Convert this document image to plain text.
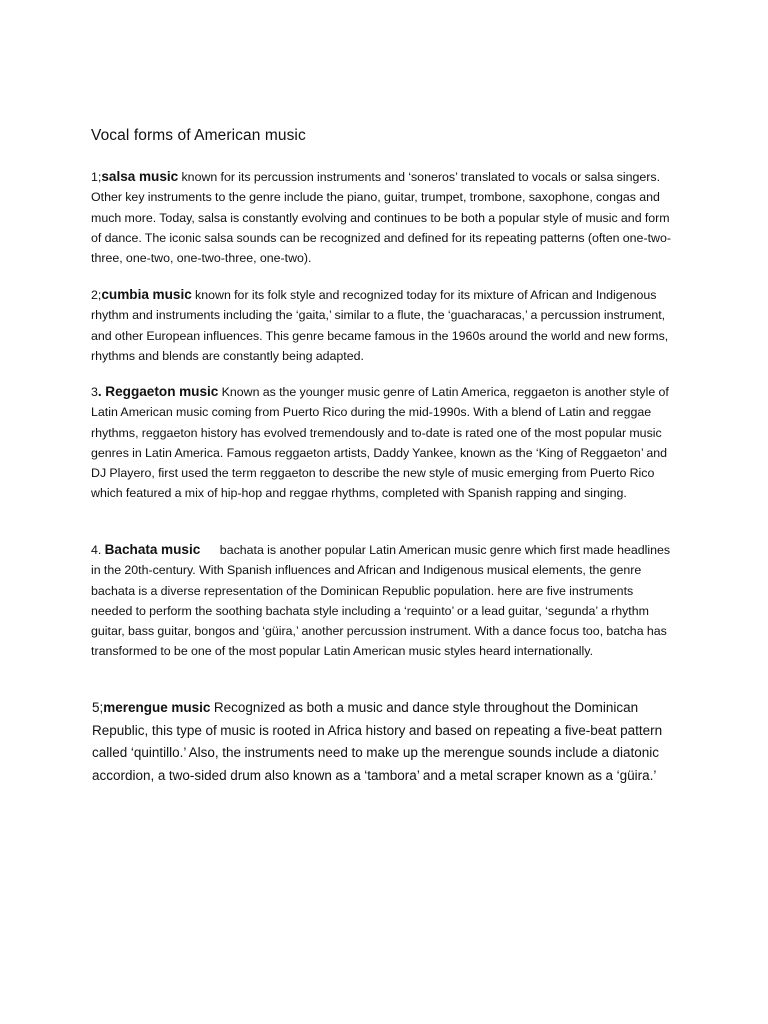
Vocal forms of American music

1;salsa music known for its percussion instruments and ‘soneros’ translated to vocals or salsa singers. Other key instruments to the genre include the piano, guitar, trumpet, trombone, saxophone, congas and much more. Today, salsa is constantly evolving and continues to be both a popular style of music and form of dance. The iconic salsa sounds can be recognized and defined for its repeating patterns (often one-two-three, one-two, one-two-three, one-two).

2;cumbia music known for its folk style and recognized today for its mixture of African and Indigenous rhythm and instruments including the ‘gaita,’ similar to a flute, the ‘guacharacas,’ a percussion instrument, and other European influences. This genre became famous in the 1960s around the world and new forms, rhythms and blends are constantly being adapted.

3. Reggaeton music Known as the younger music genre of Latin America, reggaeton is another style of Latin American music coming from Puerto Rico during the mid-1990s. With a blend of Latin and reggae rhythms, reggaeton history has evolved tremendously and to-date is rated one of the most popular music genres in Latin America. Famous reggaeton artists, Daddy Yankee, known as the ‘King of Reggaeton’ and DJ Playero, first used the term reggaeton to describe the new style of music emerging from Puerto Rico which featured a mix of hip-hop and reggae rhythms, completed with Spanish rapping and singing.

4. Bachata music      bachata is another popular Latin American music genre which first made headlines in the 20th-century. With Spanish influences and African and Indigenous musical elements, the genre bachata is a diverse representation of the Dominican Republic population. here are five instruments needed to perform the soothing bachata style including a ‘requinto’ or a lead guitar, ‘segunda’ a rhythm guitar, bass guitar, bongos and ‘güira,’ another percussion instrument. With a dance focus too, batcha has transformed to be one of the most popular Latin American music styles heard internationally.

5;merengue music Recognized as both a music and dance style throughout the Dominican Republic, this type of music is rooted in Africa history and based on repeating a five-beat pattern called ‘quintillo.’ Also, the instruments need to make up the merengue sounds include a diatonic accordion, a two-sided drum also known as a ‘tambora’ and a metal scraper known as a ‘güira.’
